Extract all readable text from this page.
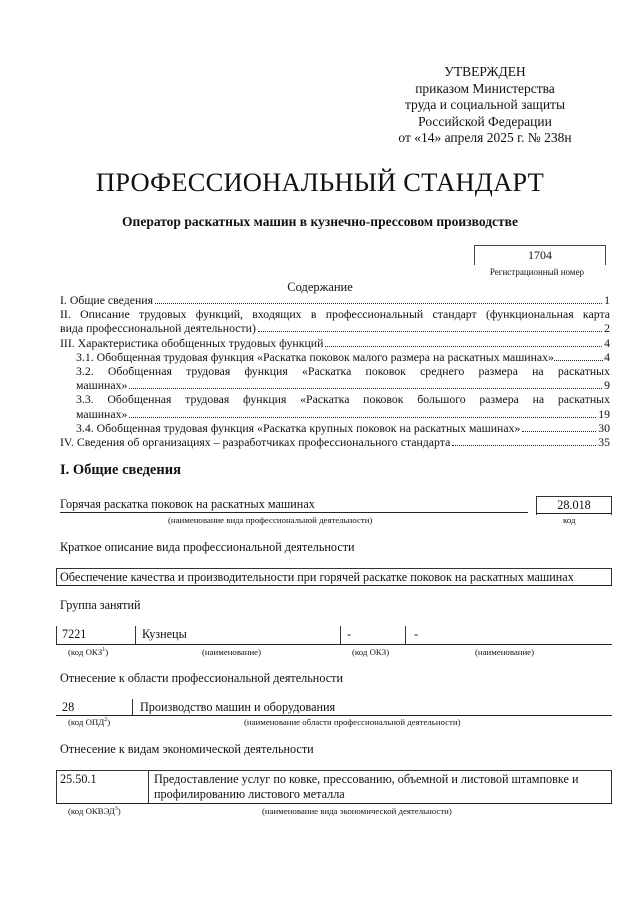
УТВЕРЖДЕН
приказом Министерства
труда и социальной защиты
Российской Федерации
от «14» апреля 2025 г. № 238н
ПРОФЕССИОНАЛЬНЫЙ СТАНДАРТ
Оператор раскатных машин в кузнечно-прессовом производстве
1704
Регистрационный номер
Содержание
I. Общие сведения	1
II. Описание трудовых функций, входящих в профессиональный стандарт (функциональная карта
вида профессиональной деятельности)	2
III. Характеристика обобщенных трудовых функций	4
3.1. Обобщенная трудовая функция «Раскатка поковок малого размера на раскатных машинах»	4
3.2. Обобщенная трудовая функция «Раскатка поковок среднего размера на раскатных
машинах»	9
3.3. Обобщенная трудовая функция «Раскатка поковок большого размера на раскатных
машинах»	19
3.4. Обобщенная трудовая функция «Раскатка крупных поковок на раскатных машинах»	30
IV. Сведения об организациях – разработчиках профессионального стандарта	35
I. Общие сведения
Горячая раскатка поковок на раскатных машинах
(наименование вида профессиональной деятельности)
28.018
код
Краткое описание вида профессиональной деятельности
Обеспечение качества и производительности при горячей раскатке поковок на раскатных машинах
Группа занятий
7221	Кузнецы	-	-
(код ОКЗ$^1$)	(наименование)	(код ОКЗ)	(наименование)
Отнесение к области профессиональной деятельности
28	Производство машин и оборудования
(код ОПД$^2$)	(наименование области профессиональной деятельности)
Отнесение к видам экономической деятельности
25.50.1	Предоставление услуг по ковке, прессованию, объемной и листовой штамповке и
профилированию листового металла
(код ОКВЭД$^3$)	(наименование вида экономической деятельности)
